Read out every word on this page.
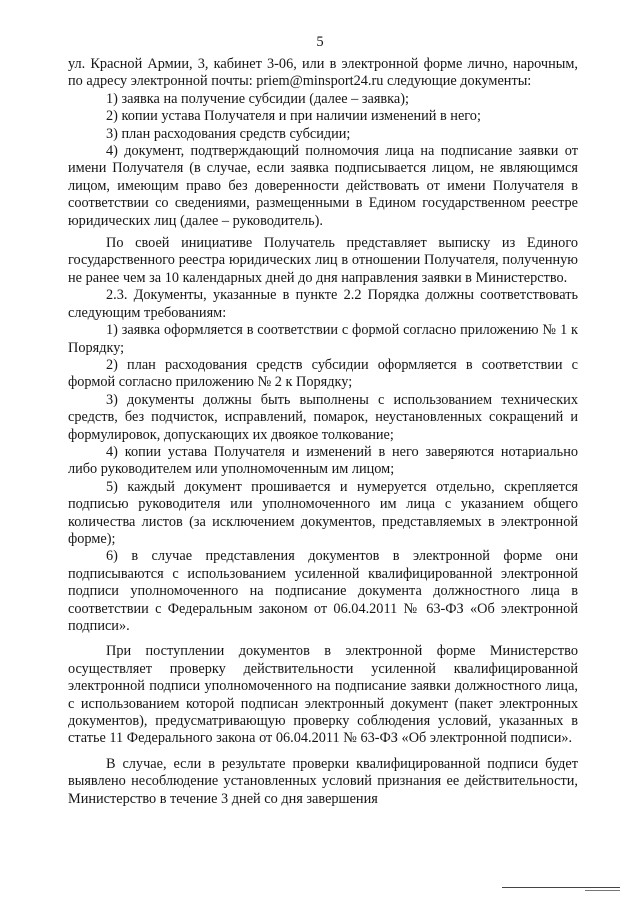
5

ул. Красной Армии, 3, кабинет 3-06, или в электронной форме лично, нарочным, по адресу электронной почты: priem@minsport24.ru следующие документы:

1) заявка на получение субсидии (далее – заявка);

2) копии устава Получателя и при наличии изменений в него;

3) план расходования средств субсидии;

4) документ, подтверждающий полномочия лица на подписание заявки от имени Получателя (в случае, если заявка подписывается лицом, не являющимся лицом, имеющим право без доверенности действовать от имени Получателя в соответствии со сведениями, размещенными в Едином государственном реестре юридических лиц (далее – руководитель).

По своей инициативе Получатель представляет выписку из Единого государственного реестра юридических лиц в отношении Получателя, полученную не ранее чем за 10 календарных дней до дня направления заявки в Министерство.

2.3. Документы, указанные в пункте 2.2 Порядка должны соответствовать следующим требованиям:

1) заявка оформляется в соответствии с формой согласно приложению № 1 к Порядку;

2) план расходования средств субсидии оформляется в соответствии с формой согласно приложению № 2 к Порядку;

3) документы должны быть выполнены с использованием технических средств, без подчисток, исправлений, помарок, неустановленных сокращений и формулировок, допускающих их двоякое толкование;

4) копии устава Получателя и изменений в него заверяются нотариально либо руководителем или уполномоченным им лицом;

5) каждый документ прошивается и нумеруется отдельно, скрепляется подписью руководителя или уполномоченного им лица с указанием общего количества листов (за исключением документов, представляемых в электронной форме);

6) в случае представления документов в электронной форме они подписываются с использованием усиленной квалифицированной электронной подписи уполномоченного на подписание документа должностного лица в соответствии с Федеральным законом от 06.04.2011 № 63-ФЗ «Об электронной подписи».

При поступлении документов в электронной форме Министерство осуществляет проверку действительности усиленной квалифицированной электронной подписи уполномоченного на подписание заявки должностного лица, с использованием которой подписан электронный документ (пакет электронных документов), предусматривающую проверку соблюдения условий, указанных в статье 11 Федерального закона от 06.04.2011 № 63-ФЗ «Об электронной подписи».

В случае, если в результате проверки квалифицированной подписи будет выявлено несоблюдение установленных условий признания ее действительности, Министерство в течение 3 дней со дня завершения
